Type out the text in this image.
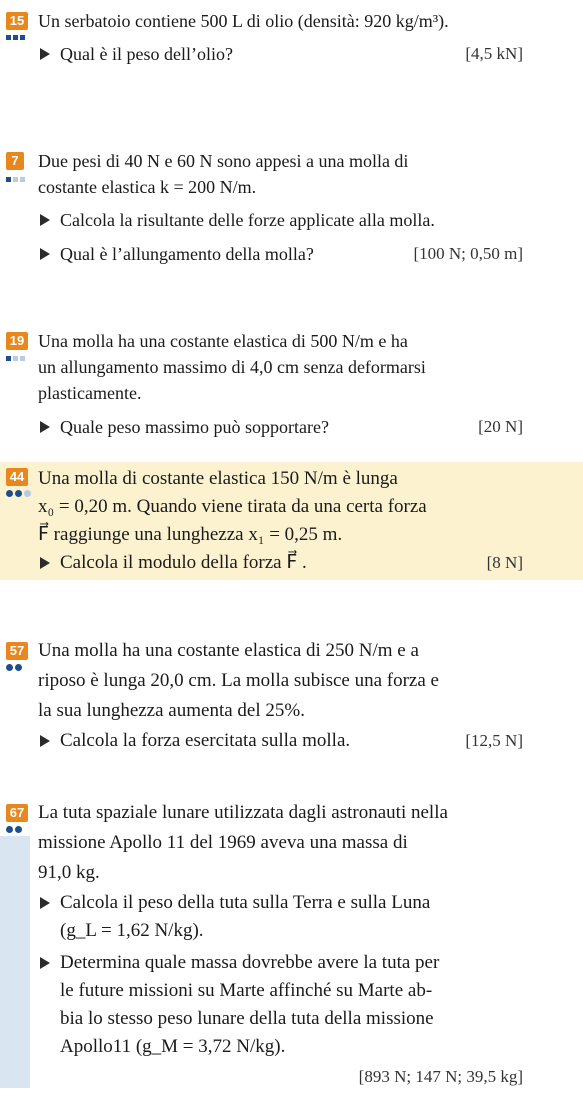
15 Un serbatoio contiene 500 L di olio (densità: 920 kg/m³).
Qual è il peso dell’olio?	[4,5 kN]
7 Due pesi di 40 N e 60 N sono appesi a una molla di
costante elastica k = 200 N/m.
Calcola la risultante delle forze applicate alla molla.
Qual è l’allungamento della molla?	[100 N; 0,50 m]
19 Una molla ha una costante elastica di 500 N/m e ha
un allungamento massimo di 4,0 cm senza deformarsi
plasticamente.
Quale peso massimo può sopportare?	[20 N]
44 Una molla di costante elastica 150 N/m è lunga
x₀ = 0,20 m. Quando viene tirata da una certa forza
F⃗ raggiunge una lunghezza x₁ = 0,25 m.
Calcola il modulo della forza F⃗ .	[8 N]
57 Una molla ha una costante elastica di 250 N/m e a
riposo è lunga 20,0 cm. La molla subisce una forza e
la sua lunghezza aumenta del 25%.
Calcola la forza esercitata sulla molla.	[12,5 N]
67 La tuta spaziale lunare utilizzata dagli astronauti nella
missione Apollo 11 del 1969 aveva una massa di
91,0 kg.
Calcola il peso della tuta sulla Terra e sulla Luna
(g_L = 1,62 N/kg).
Determina quale massa dovrebbe avere la tuta per
le future missioni su Marte affinché su Marte ab-
bia lo stesso peso lunare della tuta della missione
Apollo11 (g_M = 3,72 N/kg).
[893 N; 147 N; 39,5 kg]
